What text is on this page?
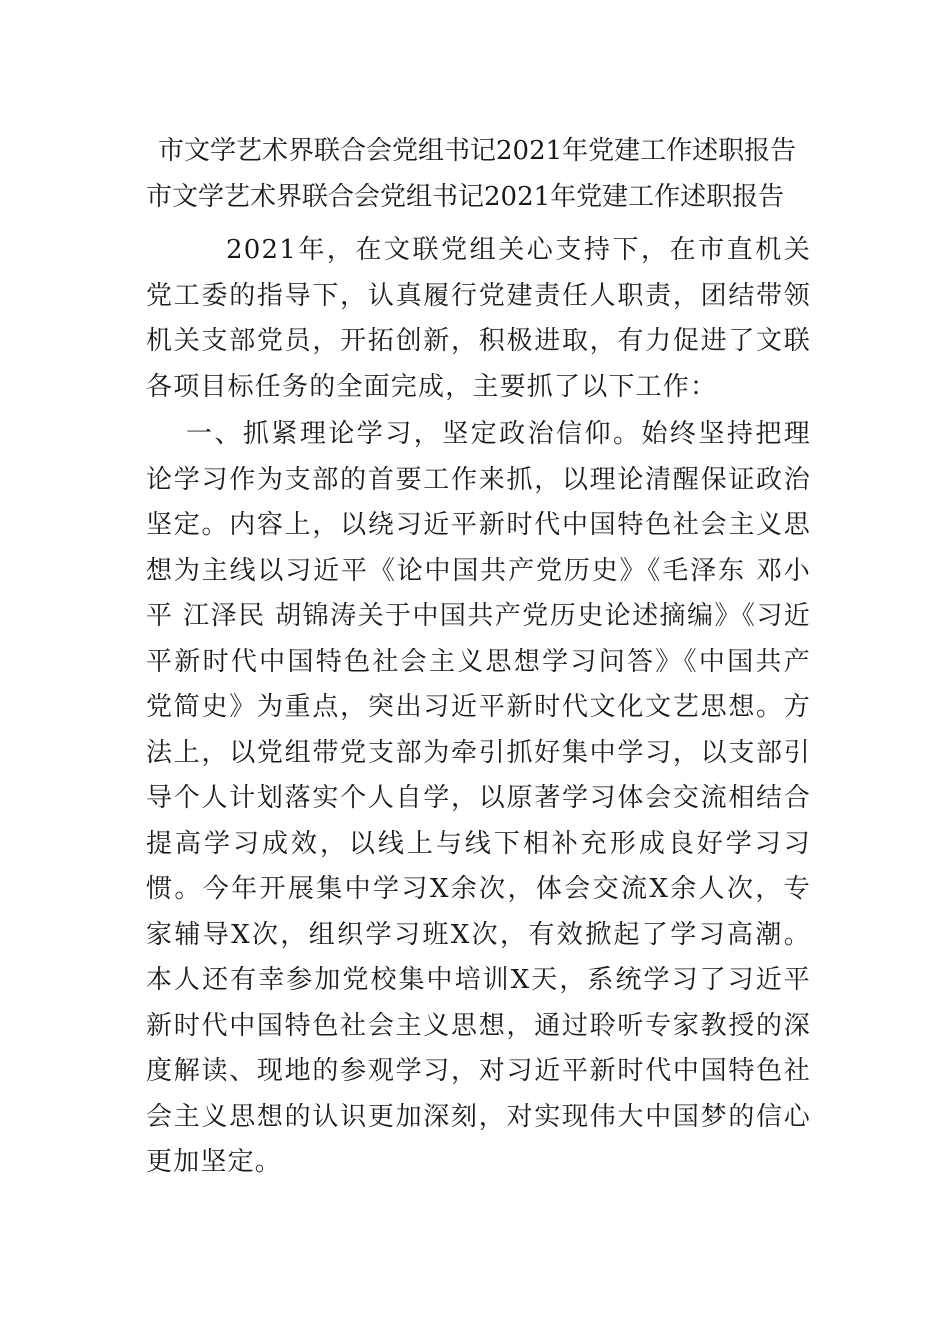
市文学艺术界联合会党组书记2021年党建工作述职报告
市文学艺术界联合会党组书记2021年党建工作述职报告

2021年，在文联党组关心支持下，在市直机关党工委的指导下，认真履行党建责任人职责，团结带领机关支部党员，开拓创新，积极进取，有力促进了文联各项目标任务的全面完成，主要抓了以下工作：

一、抓紧理论学习，坚定政治信仰。始终坚持把理论学习作为支部的首要工作来抓，以理论清醒保证政治坚定。内容上，以绕习近平新时代中国特色社会主义思想为主线以习近平《论中国共产党历史》《毛泽东 邓小平 江泽民 胡锦涛关于中国共产党历史论述摘编》《习近平新时代中国特色社会主义思想学习问答》《中国共产党简史》为重点，突出习近平新时代文化文艺思想。方法上，以党组带党支部为牵引抓好集中学习，以支部引导个人计划落实个人自学，以原著学习体会交流相结合提高学习成效，以线上与线下相补充形成良好学习习惯。今年开展集中学习X余次，体会交流X余人次，专家辅导X次，组织学习班X次，有效掀起了学习高潮。本人还有幸参加党校集中培训X天，系统学习了习近平新时代中国特色社会主义思想，通过聆听专家教授的深度解读、现地的参观学习，对习近平新时代中国特色社会主义思想的认识更加深刻，对实现伟大中国梦的信心更加坚定。
